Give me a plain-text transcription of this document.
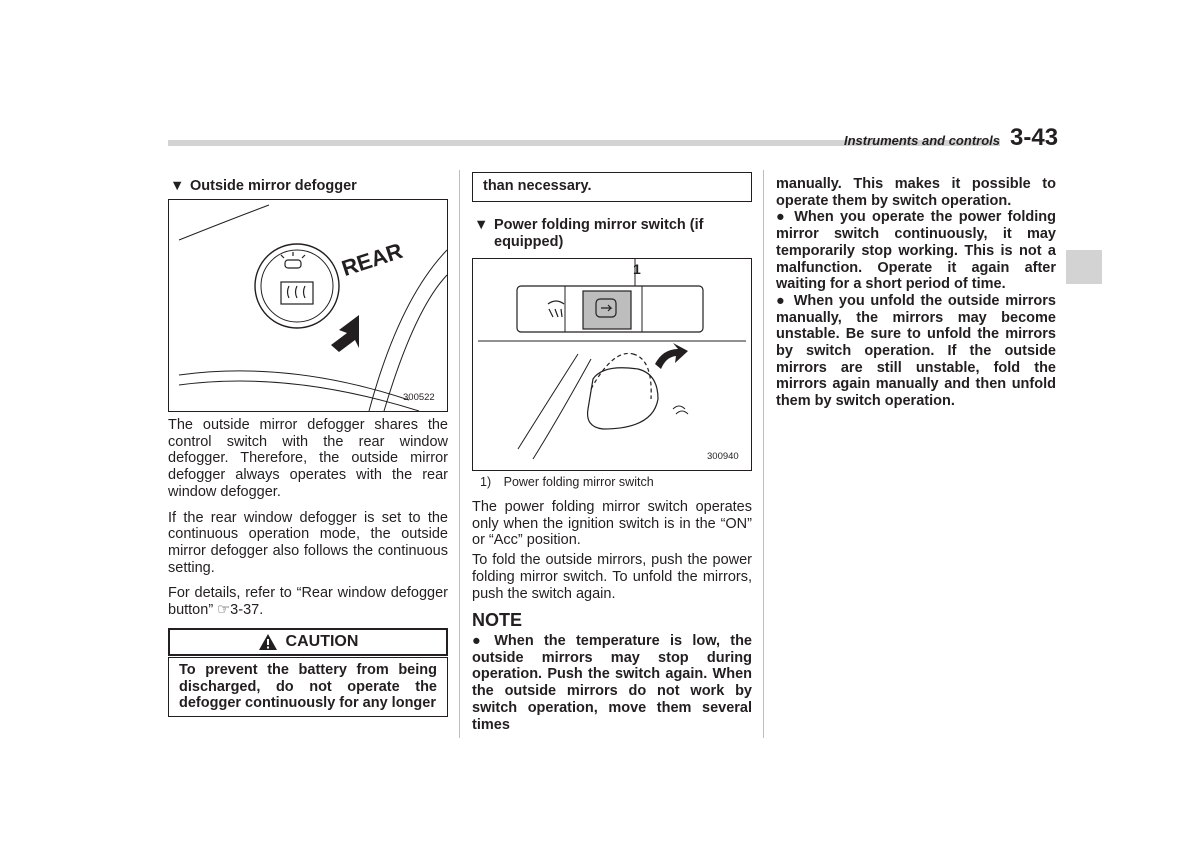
Instruments and controls 3-43
▼ Outside mirror defogger
REAR
300522

The outside mirror defogger shares the control switch with the rear window defogger. Therefore, the outside mirror defogger always operates with the rear window defogger.

If the rear window defogger is set to the continuous operation mode, the outside mirror defogger also follows the continuous setting.

For details, refer to “Rear window defogger button” ☞3-37.

CAUTION
To prevent the battery from being discharged, do not operate the defogger continuously for any longer
than necessary.
▼ Power folding mirror switch (if equipped)
1
300940
1) Power folding mirror switch

The power folding mirror switch operates only when the ignition switch is in the “ON” or “Acc” position.

To fold the outside mirrors, push the power folding mirror switch. To unfold the mirrors, push the switch again.

NOTE
● When the temperature is low, the outside mirrors may stop during operation. Push the switch again. When the outside mirrors do not work by switch operation, move them several times

manually. This makes it possible to operate them by switch operation.

● When you operate the power folding mirror switch continuously, it may temporarily stop working. This is not a malfunction. Operate it again after waiting for a short period of time.

● When you unfold the outside mirrors manually, the mirrors may become unstable. Be sure to unfold the mirrors by switch operation. If the outside mirrors are still unstable, fold the mirrors again manually and then unfold them by switch operation.
